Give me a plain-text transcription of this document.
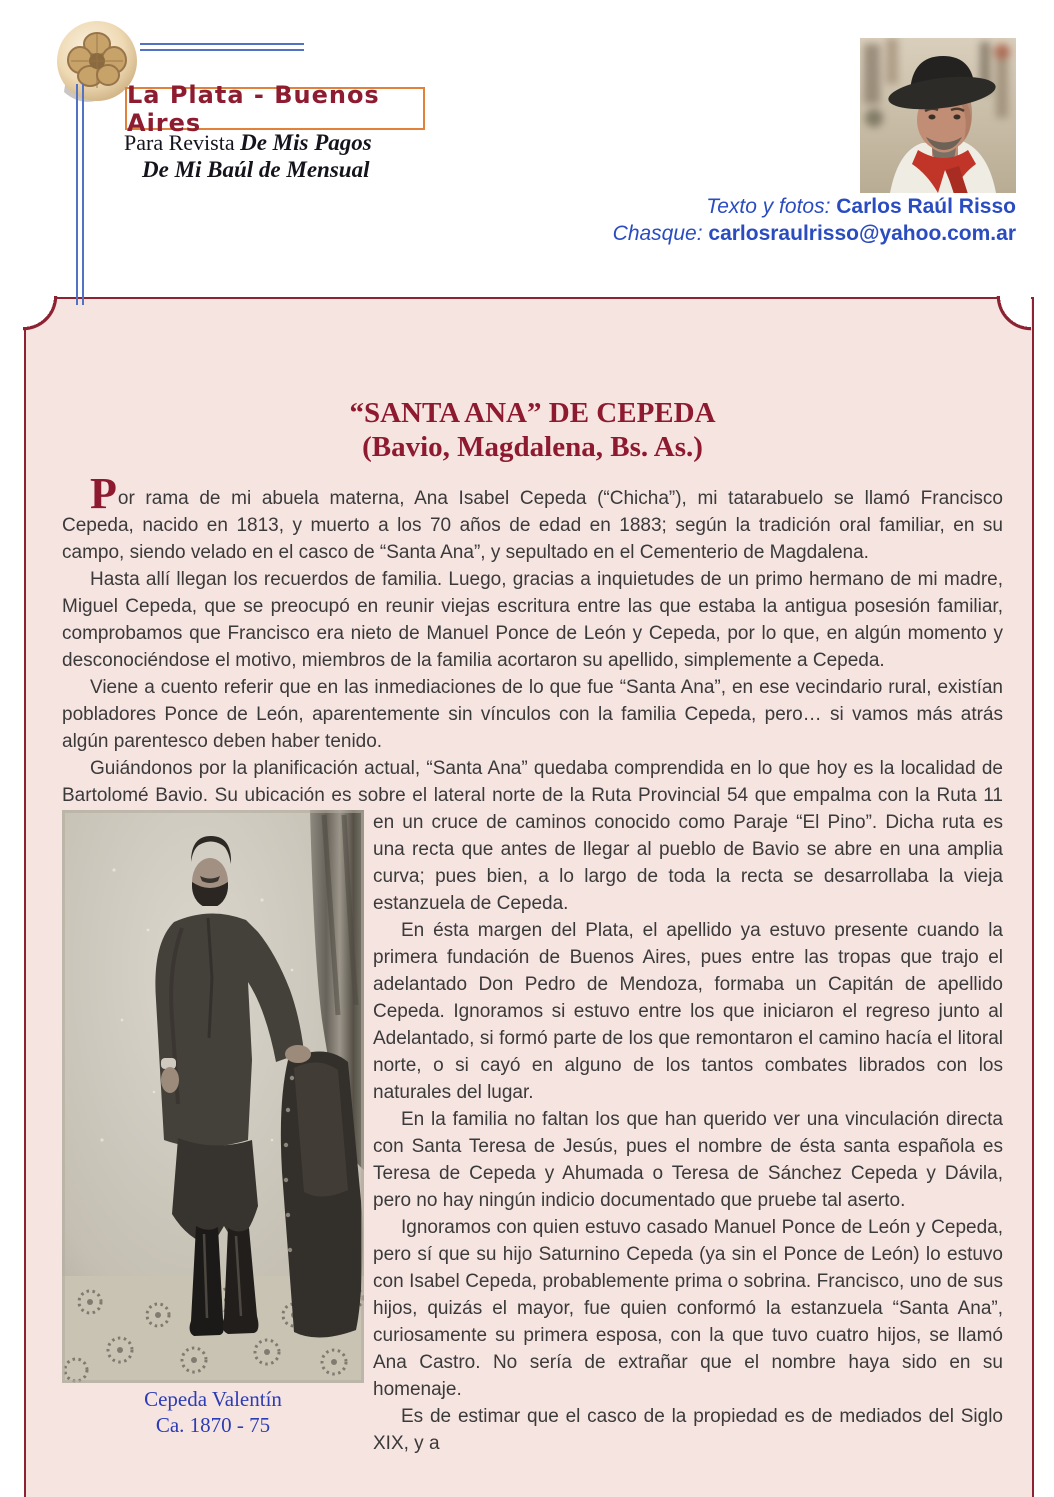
La Plata - Buenos Aires
Para Revista De Mis Pagos
De Mi Baúl de Mensual
Texto y fotos: Carlos Raúl Risso
Chasque: carlosraulrisso@yahoo.com.ar
“SANTA ANA” DE CEPEDA
(Bavio, Magdalena, Bs. As.)

Por rama de mi abuela materna, Ana Isabel Cepeda (“Chicha”), mi tatarabuelo se llamó Francisco Cepeda, nacido en 1813, y muerto a los 70 años de edad en 1883; según la tradición oral familiar, en su campo, siendo velado en el casco de “Santa Ana”, y sepultado en el Cementerio de Magdalena.

Hasta allí llegan los recuerdos de familia. Luego, gracias a inquietudes de un primo hermano de mi madre, Miguel Cepeda, que se preocupó en reunir viejas escritura entre las que estaba la antigua posesión familiar, comprobamos que Francisco era nieto de Manuel Ponce de León y Cepeda, por lo que, en algún momento y desconociéndose el motivo, miembros de la familia acortaron su apellido, simplemente a Cepeda.

Viene a cuento referir que en las inmediaciones de lo que fue “Santa Ana”, en ese vecindario rural, existían pobladores Ponce de León, aparentemente sin vínculos con la familia Cepeda, pero… si vamos más atrás algún parentesco deben haber tenido.

Guiándonos por la planificación actual, “Santa Ana” quedaba comprendida en lo que hoy es la localidad de Bartolomé Bavio. Su ubicación es sobre el lateral norte de la Ruta Provincial 54 que empalma con la Ruta 11

Cepeda Valentín
Ca. 1870 - 75

en un cruce de caminos conocido como Paraje “El Pino”. Dicha ruta es una recta que antes de llegar al pueblo de Bavio se abre en una amplia curva; pues bien, a lo largo de toda la recta se desarrollaba la vieja estanzuela de Cepeda.

En ésta margen del Plata, el apellido ya estuvo presente cuando la primera fundación de Buenos Aires, pues entre las tropas que trajo el adelantado Don Pedro de Mendoza, formaba un Capitán de apellido Cepeda. Ignoramos si estuvo entre los que iniciaron el regreso junto al Adelantado, si formó parte de los que remontaron el camino hacía el litoral norte, o si cayó en alguno de los tantos combates librados con los naturales del lugar.

En la familia no faltan los que han querido ver una vinculación directa con Santa Teresa de Jesús, pues el nombre de ésta santa española es Teresa de Cepeda y Ahumada o Teresa de Sánchez Cepeda y Dávila, pero no hay ningún indicio documentado que pruebe tal aserto.

Ignoramos con quien estuvo casado Manuel Ponce de León y Cepeda, pero sí que su hijo Saturnino Cepeda (ya sin el Ponce de León) lo estuvo con Isabel Cepeda, probablemente prima o sobrina. Francisco, uno de sus hijos, quizás el mayor, fue quien conformó la estanzuela “Santa Ana”, curiosamente su primera esposa, con la que tuvo cuatro hijos, se llamó Ana Castro. No sería de extrañar que el nombre haya sido en su homenaje.

Es de estimar que el casco de la propiedad es de mediados del Siglo XIX, y a
